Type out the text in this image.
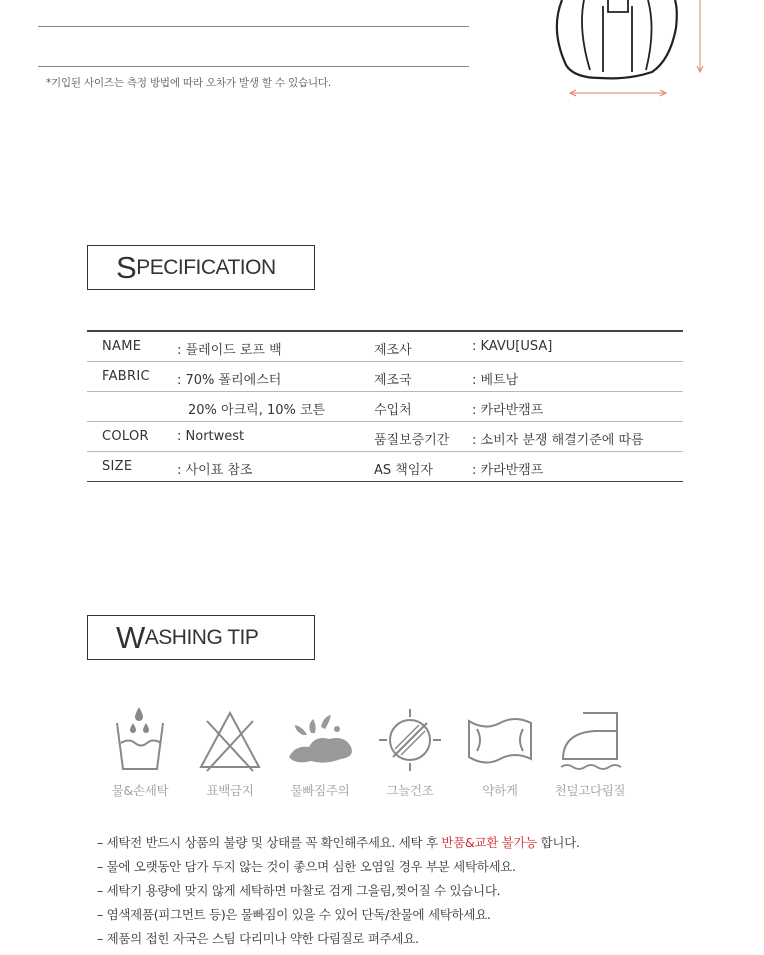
*기입된 사이즈는 측정 방법에 따라 오차가 발생 할 수 있습니다.
S PECIFICATION
NAME	: 플레이드 로프 백	제조사	: KAVU[USA]
FABRIC : 70% 폴리에스터	제조국	: 베트남
20% 아크릭, 10% 코튼	수입처	: 카라반캠프
COLOR : Nortwest	품질보증기간 : 소비자 분쟁 해결기준에 따름
SIZE	: 사이표 참조	AS 책임자	: 카라반캠프
W ASHING TIP
물&손세탁	표백금지	물빠짐주의	그늘건조	약하게	천덮고다림질
– 세탁전 반드시 상품의 불량 및 상태를 꼭 확인해주세요. 세탁 후 반품&교환 불가능 합니다.
– 물에 오랫동안 담가 두지 않는 것이 좋으며 심한 오염일 경우 부분 세탁하세요.
– 세탁기 용량에 맞지 않게 세탁하면 마찰로 검게 그을림,찢어질 수 있습니다.
– 염색제품(피그먼트 등)은 물빠짐이 있을 수 있어 단독/찬물에 세탁하세요.
– 제품의 접힌 자국은 스팀 다리미나 약한 다림질로 펴주세요.
